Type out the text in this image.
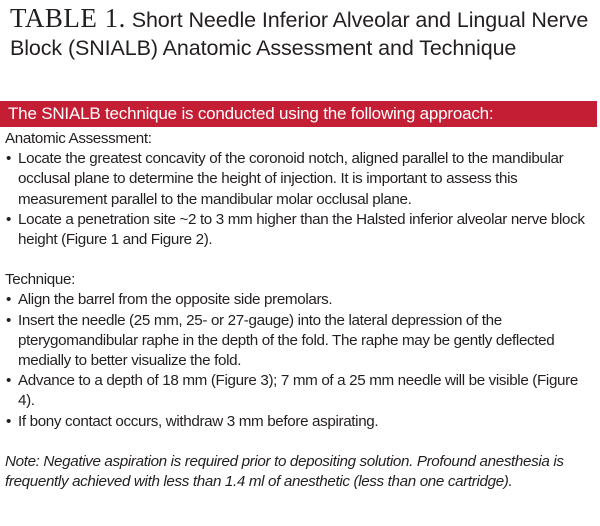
TABLE 1. Short Needle Inferior Alveolar and Lingual Nerve Block (SNIALB) Anatomic Assessment and Technique
The SNIALB technique is conducted using the following approach:

Anatomic Assessment:

• Locate the greatest concavity of the coronoid notch, aligned parallel to the mandibular occlusal plane to determine the height of injection. It is important to assess this measurement parallel to the mandibular molar occlusal plane.
• Locate a penetration site ~2 to 3 mm higher than the Halsted inferior alveolar nerve block height (Figure 1 and Figure 2).

Technique:

• Align the barrel from the opposite side premolars.
• Insert the needle (25 mm, 25- or 27-gauge) into the lateral depression of the pterygomandibular raphe in the depth of the fold. The raphe may be gently deflected medially to better visualize the fold.
• Advance to a depth of 18 mm (Figure 3); 7 mm of a 25 mm needle will be visible (Figure 4).
• If bony contact occurs, withdraw 3 mm before aspirating.

Note: Negative aspiration is required prior to depositing solution. Profound anesthesia is frequently achieved with less than 1.4 ml of anesthetic (less than one cartridge).
